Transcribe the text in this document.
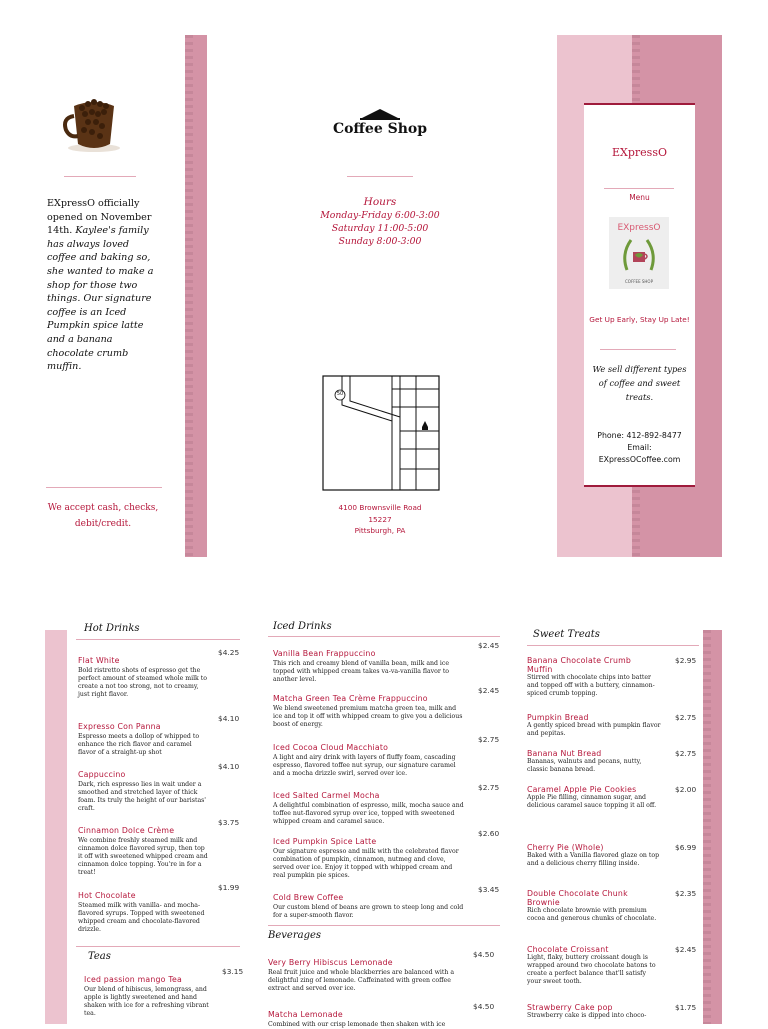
EXpressO officially opened on November 14th. Kaylee's family has always loved coffee and baking so, she wanted to make a shop for those two things. Our signature coffee is an Iced Pumpkin spice latte and a banana chocolate crumb muffin.
We accept cash, checks, debit/credit.
Coffee Shop
Hours
Monday-Friday 6:00-3:00
Saturday 11:00-5:00
Sunday 8:00-3:00
50
4100 Brownsville Road
15227
Pittsburgh, PA
EXpressO
Menu
EXpressO
COFFEE SHOP
Get Up Early, Stay Up Late!
We sell different types of coffee and sweet treats.
Phone: 412-892-8477
Email:
EXpressOCoffee.com
Hot Drinks
Flat White
$4.25
Bold ristretto shots of espresso get the perfect amount of steamed whole milk to create a not too strong, not to creamy, just right flavor.
Expresso Con Panna
$4.10
Espresso meets a dollop of whipped to enhance the rich flavor and caramel flavor of a straight-up shot
Cappuccino
$4.10
Dark, rich espresso lies in wait under a smoothed and stretched layer of thick foam. Its truly the height of our baristas' craft.
Cinnamon Dolce Crème
$3.75
We combine freshly steamed milk and cinnamon dolce flavored syrup, then top it off with sweetened whipped cream and cinnamon dolce topping. You're in for a treat!
Hot Chocolate
$1.99
Steamed milk with vanilla- and mocha-flavored syrups. Topped with sweetened whipped cream and chocolate-flavored drizzle.
Teas
Iced passion mango Tea
$3.15
Our blend of hibiscus, lemongrass, and apple is lightly sweetened and hand shaken with ice for a refreshing vibrant tea.
Iced Drinks
Vanilla Bean Frappuccino
$2.45
This rich and creamy blend of vanilla bean, milk and ice topped with whipped cream takes va-va-vanilla flavor to another level.
Matcha Green Tea Crème Frappuccino
$2.45
We blend sweetened premium matcha green tea, milk and ice and top it off with whipped cream to give you a delicious boost of energy.
Iced Cocoa Cloud Macchiato
$2.75
A light and airy drink with layers of fluffy foam, cascading espresso, flavored toffee nut syrup, our signature caramel and a mocha drizzle swirl, served over ice.
Iced Salted Carmel Mocha
$2.75
A delightful combination of espresso, milk, mocha sauce and toffee nut-flavored syrup over ice, topped with sweetened whipped cream and caramel sauce.
Iced Pumpkin Spice Latte
$2.60
Our signature espresso and milk with the celebrated flavor combination of pumpkin, cinnamon, nutmeg and clove, served over ice. Enjoy it topped with whipped cream and real pumpkin pie spices.
Cold Brew Coffee
$3.45
Our custom blend of beans are grown to steep long and cold for a super-smooth flavor.
Beverages
Very Berry Hibiscus Lemonade
$4.50
Real fruit juice and whole blackberries are balanced with a delightful zing of lemonade. Caffeinated with green coffee extract and served over ice.
Matcha Lemonade
$4.50
Combined with our crisp lemonade then shaken with ice
Sweet Treats
Banana Chocolate Crumb Muffin
$2.95
Stirred with chocolate chips into batter and topped off with a buttery, cinnamon-spiced crumb topping.
Pumpkin Bread	$2.75
A gently spiced bread with pumpkin flavor and pepitas.
Banana Nut Bread	$2.75
Bananas, walnuts and pecans, nutty, classic banana bread.
Caramel Apple Pie Cookies	$2.00
Apple Pie filling, cinnamon sugar, and delicious caramel sauce topping it all off.
Cherry Pie (Whole)	$6.99
Baked with a Vanilla flavored glaze on top and a delicious cherry filling inside.
Double Chocolate Chunk Brownie
$2.35
Rich chocolate brownie with premium cocoa and generous chunks of chocolate.
Chocolate Croissant	$2.45
Light, flaky, buttery croissant dough is wrapped around two chocolate batons to create a perfect balance that'll satisfy your sweet tooth.
Strawberry Cake pop	$1.75
Strawberry cake is dipped into choco-
